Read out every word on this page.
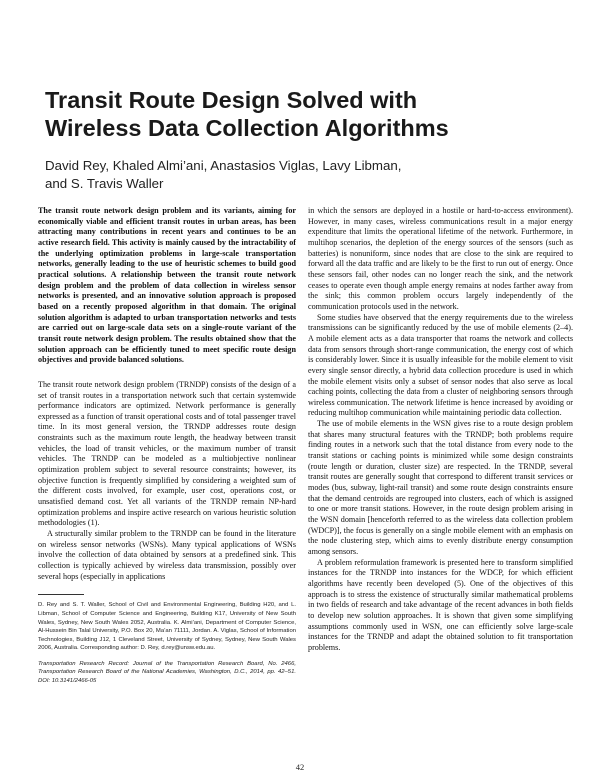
Transit Route Design Solved with
Wireless Data Collection Algorithms
David Rey, Khaled Almi’ani, Anastasios Viglas, Lavy Libman,
and S. Travis Waller

The transit route network design problem and its variants, aiming for economically viable and efficient transit routes in urban areas, has been attracting many contributions in recent years and continues to be an active research field. This activity is mainly caused by the intractability of the underlying optimization problems in large-scale transportation networks, generally leading to the use of heuristic schemes to build good practical solutions. A relationship between the transit route network design problem and the problem of data collection in wireless sensor networks is presented, and an innovative solution approach is proposed based on a recently proposed algorithm in that domain. The original solution algorithm is adapted to urban transportation networks and tests are carried out on large-scale data sets on a single-route variant of the transit route network design problem. The results obtained show that the solution approach can be efficiently tuned to meet specific route design objectives and provide balanced solutions.

The transit route network design problem (TRNDP) consists of the design of a set of transit routes in a transportation network such that certain systemwide performance indicators are optimized. Network performance is generally expressed as a function of transit operational costs and of total passenger travel time. In its most general version, the TRNDP addresses route design constraints such as the maximum route length, the headway between transit vehicles, the load of transit vehicles, or the maximum number of transit vehicles. The TRNDP can be modeled as a multiobjective nonlinear optimization problem subject to several resource constraints; however, its objective function is frequently simplified by considering a weighted sum of the different costs involved, for example, user cost, operations cost, or unsatisfied demand cost. Yet all variants of the TRNDP remain NP-hard optimization problems and inspire active research on various heuristic solution methodologies (1).

A structurally similar problem to the TRNDP can be found in the literature on wireless sensor networks (WSNs). Many typical applications of WSNs involve the collection of data obtained by sensors at a predefined sink. This collection is typically achieved by wireless data transmission, possibly over several hops (especially in applications

D. Rey and S. T. Waller, School of Civil and Environmental Engineering, Building H20, and L. Libman, School of Computer Science and Engineering, Building K17, University of New South Wales, Sydney, New South Wales 2052, Australia. K. Almi’ani, Department of Computer Science, Al-Hussein Bin Talal University, P.O. Box 20, Ma’an 71111, Jordan. A. Viglas, School of Information Technologies, Building J12, 1 Cleveland Street, University of Sydney, Sydney, New South Wales 2006, Australia. Corresponding author: D. Rey, d.rey@unsw.edu.au.

Transportation Research Record: Journal of the Transportation Research Board, No. 2466, Transportation Research Board of the National Academies, Washington, D.C., 2014, pp. 42–51. DOI: 10.3141/2466-05

in which the sensors are deployed in a hostile or hard-to-access environment). However, in many cases, wireless communications result in a major energy expenditure that limits the operational lifetime of the network. Furthermore, in multihop scenarios, the depletion of the energy sources of the sensors (such as batteries) is nonuniform, since nodes that are close to the sink are required to forward all the data traffic and are likely to be the first to run out of energy. Once these sensors fail, other nodes can no longer reach the sink, and the network ceases to operate even though ample energy remains at nodes farther away from the sink; this common problem occurs largely independently of the communication protocols used in the network.

Some studies have observed that the energy requirements due to the wireless transmissions can be significantly reduced by the use of mobile elements (2–4). A mobile element acts as a data transporter that roams the network and collects data from sensors through short-range communication, the energy cost of which is considerably lower. Since it is usually infeasible for the mobile element to visit every single sensor directly, a hybrid data collection procedure is used in which the mobile element visits only a subset of sensor nodes that also serve as local caching points, collecting the data from a cluster of neighboring sensors through wireless communication. The network lifetime is hence increased by avoiding or reducing multihop communication while maintaining periodic data collection.

The use of mobile elements in the WSN gives rise to a route design problem that shares many structural features with the TRNDP; both problems require finding routes in a network such that the total distance from every node to the transit stations or caching points is minimized while some design constraints (route length or duration, cluster size) are respected. In the TRNDP, several transit routes are generally sought that correspond to different transit services or modes (bus, subway, light-rail transit) and some route design constraints ensure that the demand centroids are regrouped into clusters, each of which is assigned to one or more transit stations. However, in the route design problem arising in the WSN domain [henceforth referred to as the wireless data collection problem (WDCP)], the focus is generally on a single mobile element with an emphasis on the node clustering step, which aims to evenly distribute energy consumption among sensors.

A problem reformulation framework is presented here to transform simplified instances for the TRNDP into instances for the WDCP, for which efficient algorithms have recently been developed (5). One of the objectives of this approach is to stress the existence of structurally similar mathematical problems in two fields of research and take advantage of the recent advances in both fields to develop new solution approaches. It is shown that given some simplifying assumptions commonly used in WSN, one can efficiently solve large-scale instances for the TRNDP and adapt the obtained solution to fit transportation problems.

42
